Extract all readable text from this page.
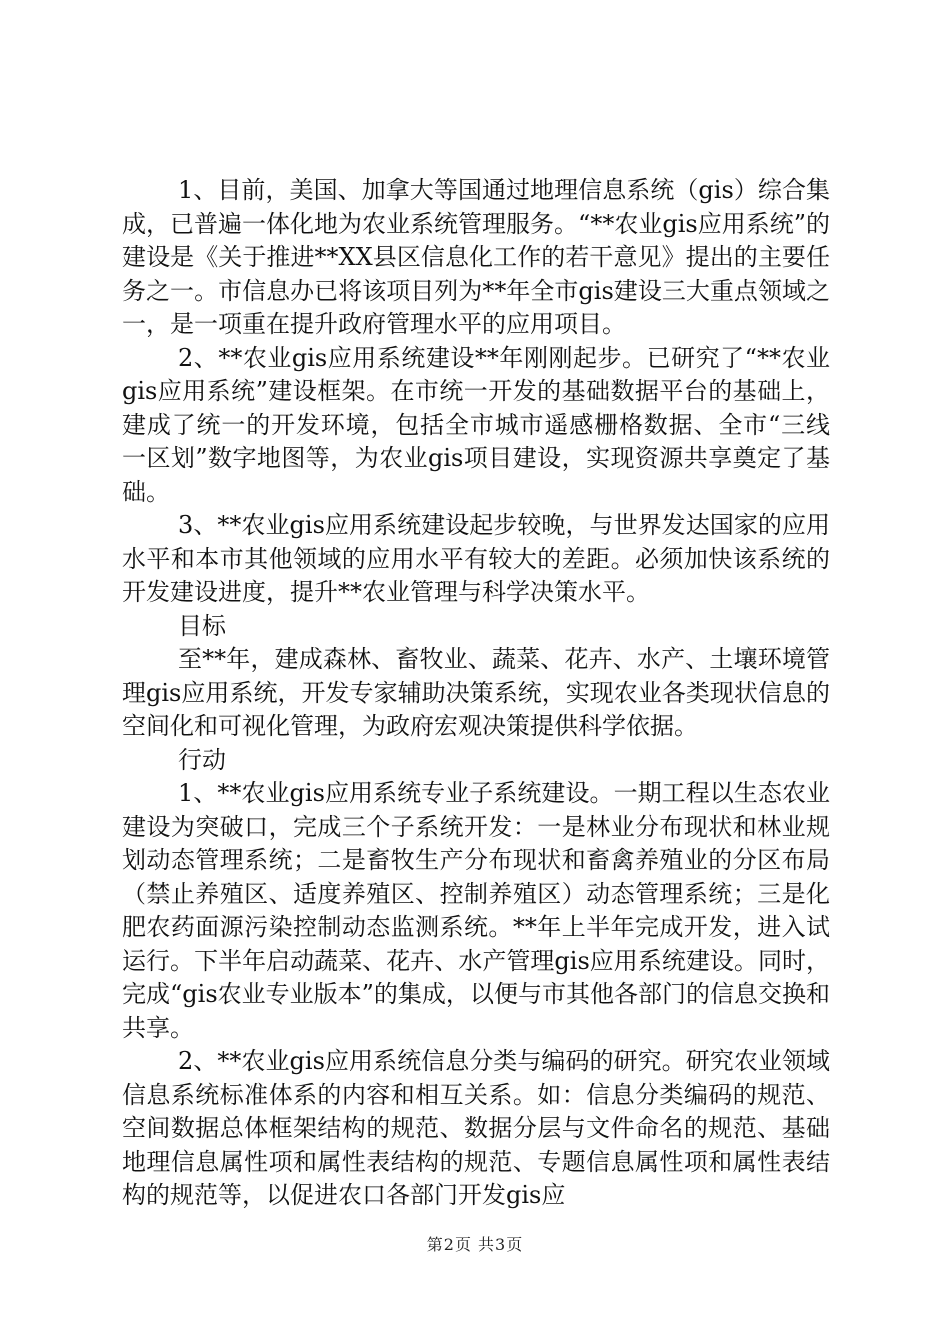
1、目前，美国、加拿大等国通过地理信息系统（gis）综合集成，已普遍一体化地为农业系统管理服务。“**农业gis应用系统”的建设是《关于推进**XX县区信息化工作的若干意见》提出的主要任务之一。市信息办已将该项目列为**年全市gis建设三大重点领域之一，是一项重在提升政府管理水平的应用项目。

2、**农业gis应用系统建设**年刚刚起步。已研究了“**农业gis应用系统”建设框架。在市统一开发的基础数据平台的基础上，建成了统一的开发环境，包括全市城市遥感栅格数据、全市“三线一区划”数字地图等，为农业gis项目建设，实现资源共享奠定了基础。

3、**农业gis应用系统建设起步较晚，与世界发达国家的应用水平和本市其他领域的应用水平有较大的差距。必须加快该系统的开发建设进度，提升**农业管理与科学决策水平。

目标

至**年，建成森林、畜牧业、蔬菜、花卉、水产、土壤环境管理gis应用系统，开发专家辅助决策系统，实现农业各类现状信息的空间化和可视化管理，为政府宏观决策提供科学依据。

行动

1、**农业gis应用系统专业子系统建设。一期工程以生态农业建设为突破口，完成三个子系统开发：一是林业分布现状和林业规划动态管理系统；二是畜牧生产分布现状和畜禽养殖业的分区布局（禁止养殖区、适度养殖区、控制养殖区）动态管理系统；三是化肥农药面源污染控制动态监测系统。**年上半年完成开发，进入试运行。下半年启动蔬菜、花卉、水产管理gis应用系统建设。同时，完成“gis农业专业版本”的集成，以便与市其他各部门的信息交换和共享。

2、**农业gis应用系统信息分类与编码的研究。研究农业领域信息系统标准体系的内容和相互关系。如：信息分类编码的规范、空间数据总体框架结构的规范、数据分层与文件命名的规范、基础地理信息属性项和属性表结构的规范、专题信息属性项和属性表结构的规范等，以促进农口各部门开发gis应

第2页 共3页
